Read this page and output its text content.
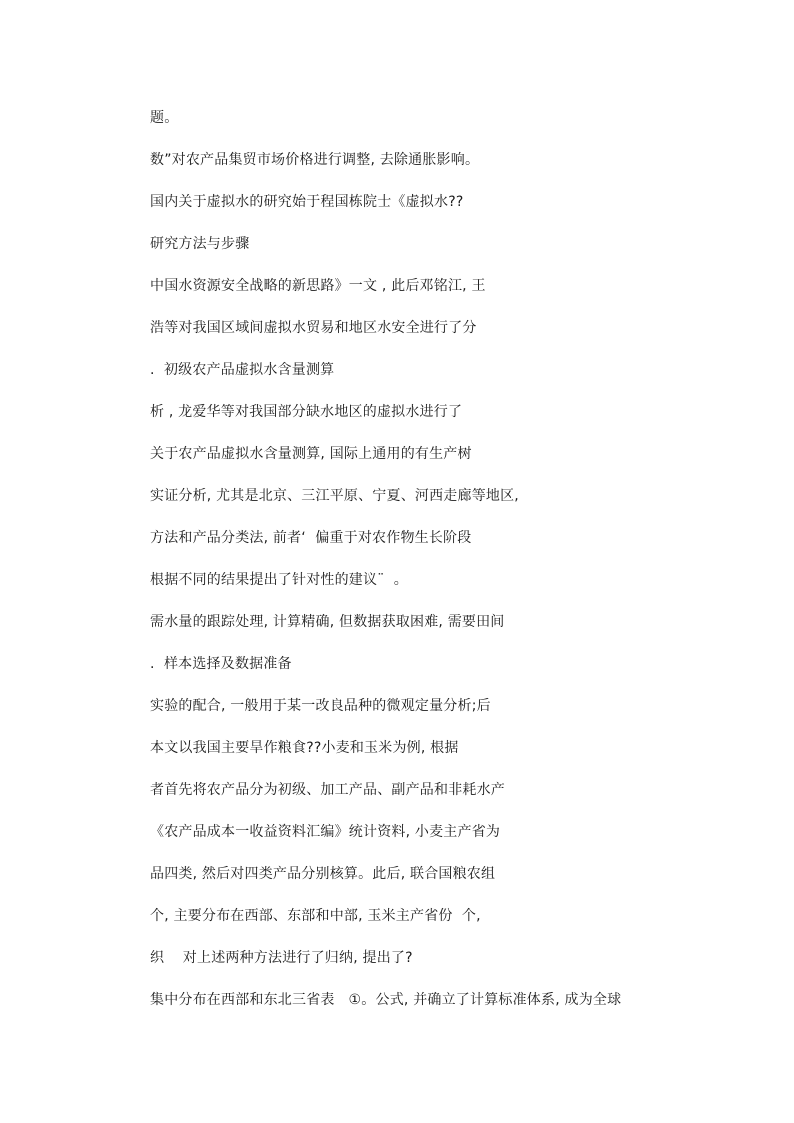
题。

数”对农产品集贸市场价格进行调整, 去除通胀影响。

国内关于虚拟水的研究始于程国栋院士《虚拟水??

研究方法与步骤

中国水资源安全战略的新思路》一文 , 此后邓铭江, 王

浩等对我国区域间虚拟水贸易和地区水安全进行了分

.  初级农产品虚拟水含量测算

析 , 龙爱华等对我国部分缺水地区的虚拟水进行了

关于农产品虚拟水含量测算, 国际上通用的有生产树

实证分析, 尤其是北京、三江平原、宁夏、河西走廊等地区,

方法和产品分类法, 前者‘  偏重于对农作物生长阶段

根据不同的结果提出了针对性的建议¨  。

需水量的跟踪处理, 计算精确, 但数据获取困难, 需要田间

.  样本选择及数据准备

实验的配合, 一般用于某一改良品种的微观定量分析;后

本文以我国主要旱作粮食??小麦和玉米为例, 根据

者首先将农产品分为初级、加工产品、副产品和非耗水产

《农产品成本一收益资料汇编》统计资料, 小麦主产省为

品四类, 然后对四类产品分别核算。此后, 联合国粮农组

个, 主要分布在西部、东部和中部, 玉米主产省份  个,

织    对上述两种方法进行了归纳, 提出了?

集中分布在西部和东北三省表   ①。公式, 并确立了计算标准体系, 成为全球
